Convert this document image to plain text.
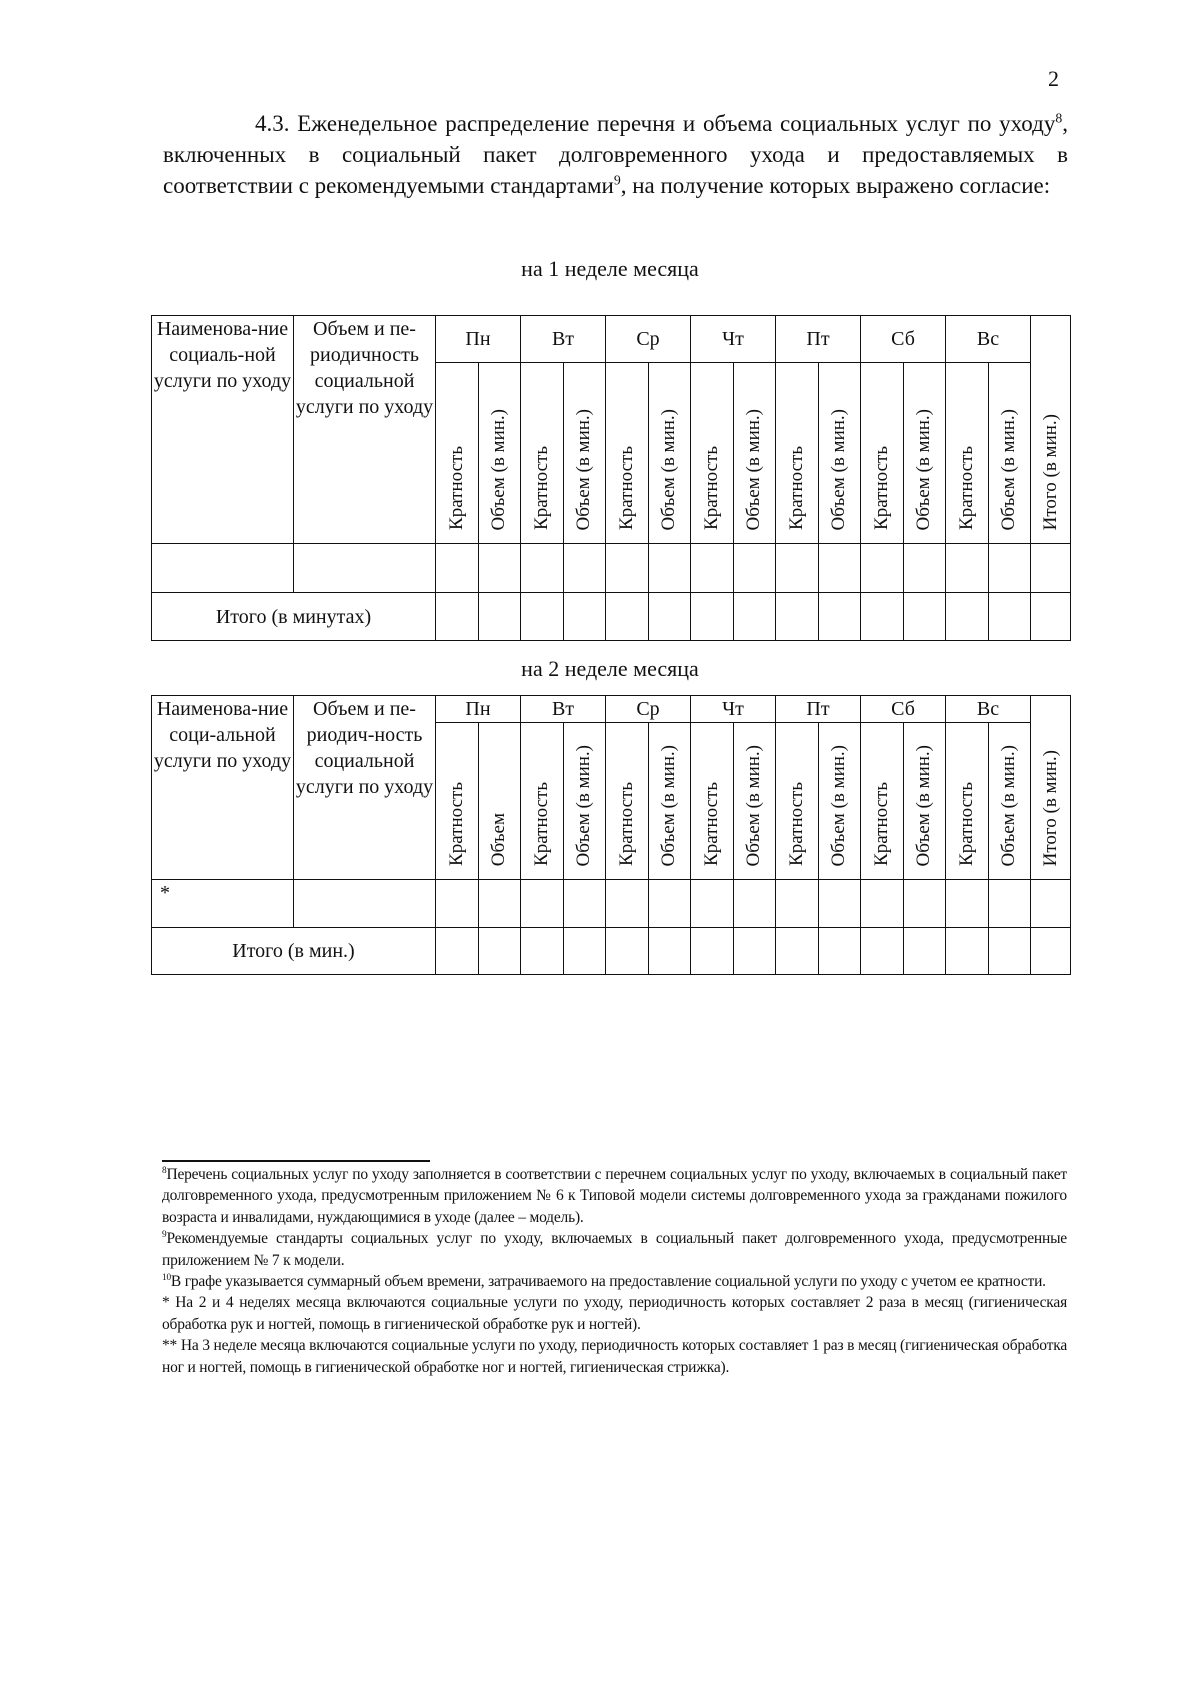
2
4.3. Еженедельное распределение перечня и объема социальных услуг по уходу$^8$, включенных в социальный пакет долговременного ухода и предоставляемых в соответствии с рекомендуемыми стандартами$^9$, на получение которых выражено согласие:
на 1 неделе месяца
Наименова-ние социаль-ной услуги по уходу	Объем и пе-риодичность социальной услуги по уходу	Пн		Вт		Ср		Чт		Пт		Сб		Вс		Итого (в мин.)
		Кратность	Объем (в мин.)	Кратность	Объем (в мин.)	Кратность	Объем (в мин.)	Кратность	Объем (в мин.)	Кратность	Объем (в мин.)	Кратность	Объем (в мин.)	Кратность	Объем (в мин.)	

Итого (в минутах)																
на 2 неделе месяца
Наименова-ние соци-альной услуги по уходу	Объем и пе-риодич-ность социальной услуги по уходу	Пн		Вт		Ср		Чт		Пт		Сб		Вс		Итого (в мин.)
		Кратность	Объем	Кратность	Объем (в мин.)	Кратность	Объем (в мин.)	Кратность	Объем (в мин.)	Кратность	Объем (в мин.)	Кратность	Объем (в мин.)	Кратность	Объем (в мин.)	
*																
Итого (в мин.)																

$^8$Перечень социальных услуг по уходу заполняется в соответствии с перечнем социальных услуг по уходу, включаемых в социальный пакет долговременного ухода, предусмотренным приложением № 6 к Типовой модели системы долговременного ухода за гражданами пожилого возраста и инвалидами, нуждающимися в уходе (далее – модель).

$^9$Рекомендуемые стандарты социальных услуг по уходу, включаемых в социальный пакет долговременного ухода, предусмотренные приложением № 7 к модели.

$^{10}$В графе указывается суммарный объем времени, затрачиваемого на предоставление социальной услуги по уходу с учетом ее кратности.

* На 2 и 4 неделях месяца включаются социальные услуги по уходу, периодичность которых составляет 2 раза в месяц (гигиеническая обработка рук и ногтей, помощь в гигиенической обработке рук и ногтей).

** На 3 неделе месяца включаются социальные услуги по уходу, периодичность которых составляет 1 раз в месяц (гигиеническая обработка ног и ногтей, помощь в гигиенической обработке ног и ногтей, гигиеническая стрижка).
